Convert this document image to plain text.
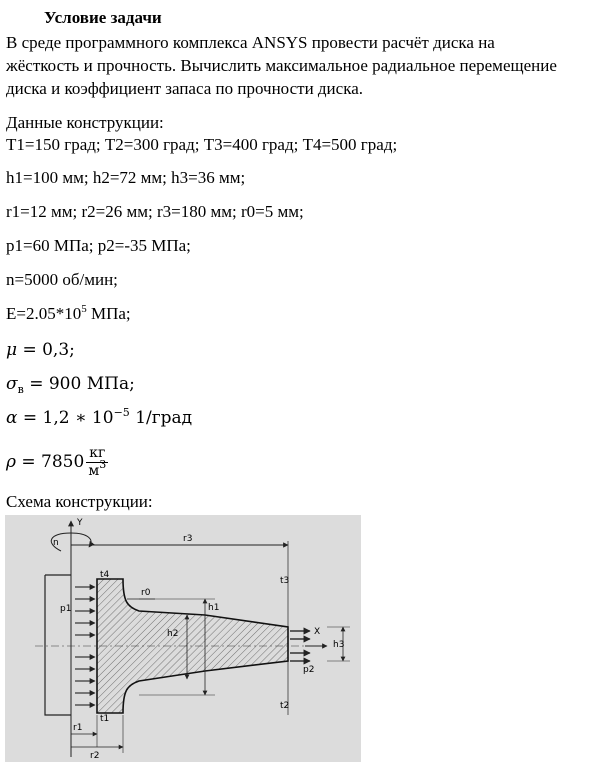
Условие задачи
В среде программного комплекса ANSYS провести расчёт диска на
жёсткость и прочность. Вычислить максимальное радиальное перемещение
диска и коэффициент запаса по прочности диска.
Данные конструкции:
T1=150 град; T2=300 град; T3=400 град; T4=500 град;
h1=100 мм; h2=72 мм; h3=36 мм;
r1=12 мм; r2=26 мм; r3=180 мм; r0=5 мм;
p1=60 МПа; p2=-35 МПа;
n=5000 об/мин;
$E=2.05*10^5$ МПа;
μ = 0,3;
$\sigma_в = 900$ МПа;
α = 1,2 ∗ $10^{-5}$ 1/град
$\rho = 7850 \frac{кг}{м^3}$
Схема конструкции:
Y
n	r3
p1
p2
X
h1
h2
h3
r0
t4
t1
t3
t2
r1
r2
